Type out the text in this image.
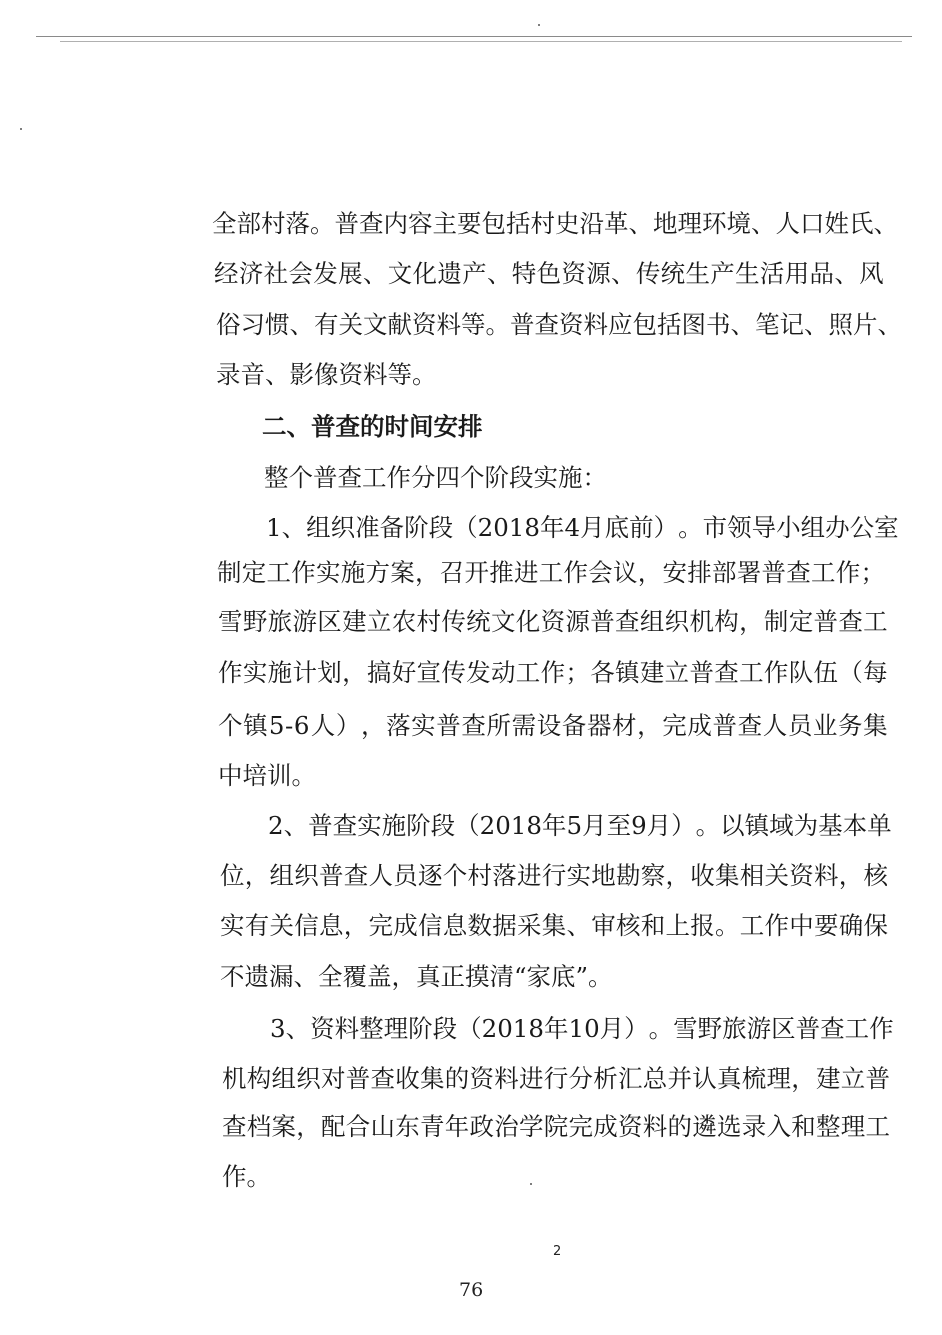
全 部 村 落 。 普 查 内 容 主 要 包 括 村 史 沿 革 、 地 理 环 境 、 人 口 姓 氏 、

经 济 社 会 发 展 、 文 化 遗 产 、 特 色 资 源 、 传 统 生 产 生 活 用 品 、 风

俗 习 惯 、 有 关 文 献 资 料 等 。 普 查 资 料 应 包 括 图 书 、 笔 记 、 照 片 、

录音、影像资料等。

二、普查的时间安排

整个普查工作分四个阶段实施：

1 、 组 织 准 备 阶 段 （ 2 0 1 8 年 4 月 底 前 ） 。 市 领 导 小 组 办 公 室

制 定 工 作 实 施 方 案 ， 召 开 推 进 工 作 会 议 ， 安 排 部 署 普 查 工 作 ；

雪 野 旅 游 区 建 立 农 村 传 统 文 化 资 源 普 查 组 织 机 构 ， 制 定 普 查 工

作 实 施 计 划 ， 搞 好 宣 传 发 动 工 作 ； 各 镇 建 立 普 查 工 作 队 伍 （ 每

个 镇 5 - 6 人 ） ， 落 实 普 查 所 需 设 备 器 材 ， 完 成 普 查 人 员 业 务 集

中培训。

2 、 普 查 实 施 阶 段 （ 2 0 1 8 年 5 月 至 9 月 ） 。 以 镇 域 为 基 本 单

位 ， 组 织 普 查 人 员 逐 个 村 落 进 行 实 地 勘 察 ， 收 集 相 关 资 料 ， 核

实 有 关 信 息 ， 完 成 信 息 数 据 采 集 、 审 核 和 上 报 。 工 作 中 要 确 保

不遗漏、全覆盖，真正摸清“家底”。

3 、 资 料 整 理 阶 段 （ 2 0 1 8 年 1 0 月 ） 。 雪 野 旅 游 区 普 查 工 作

机 构 组 织 对 普 查 收 集 的 资 料 进 行 分 析 汇 总 并 认 真 梳 理 ， 建 立 普

查 档 案 ， 配 合 山 东 青 年 政 治 学 院 完 成 资 料 的 遴 选 录 入 和 整 理 工

作。

2
76
